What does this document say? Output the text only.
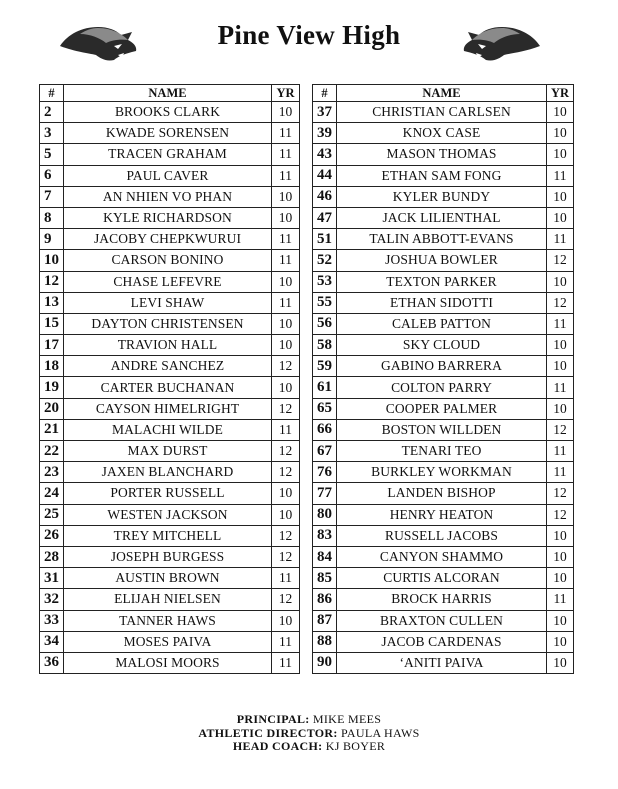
Pine View High
#	NAME	YR
2	BROOKS CLARK	10
3	KWADE SORENSEN	11
5	TRACEN GRAHAM	11
6	PAUL CAVER	11
7	AN NHIEN VO PHAN	10
8	KYLE RICHARDSON	10
9	JACOBY CHEPKWURUI	11
10	CARSON BONINO	11
12	CHASE LEFEVRE	10
13	LEVI SHAW	11
15	DAYTON CHRISTENSEN	10
17	TRAVION HALL	10
18	ANDRE SANCHEZ	12
19	CARTER BUCHANAN	10
20	CAYSON HIMELRIGHT	12
21	MALACHI WILDE	11
22	MAX DURST	12
23	JAXEN BLANCHARD	12
24	PORTER RUSSELL	10
25	WESTEN JACKSON	10
26	TREY MITCHELL	12
28	JOSEPH BURGESS	12
31	AUSTIN BROWN	11
32	ELIJAH NIELSEN	12
33	TANNER HAWS	10
34	MOSES PAIVA	11
36	MALOSI MOORS	11
#	NAME	YR
37	CHRISTIAN CARLSEN	10
39	KNOX CASE	10
43	MASON THOMAS	10
44	ETHAN SAM FONG	11
46	KYLER BUNDY	10
47	JACK LILIENTHAL	10
51	TALIN ABBOTT-EVANS	11
52	JOSHUA BOWLER	12
53	TEXTON PARKER	10
55	ETHAN SIDOTTI	12
56	CALEB PATTON	11
58	SKY CLOUD	10
59	GABINO BARRERA	10
61	COLTON PARRY	11
65	COOPER PALMER	10
66	BOSTON WILLDEN	12
67	TENARI TEO	11
76	BURKLEY WORKMAN	11
77	LANDEN BISHOP	12
80	HENRY HEATON	12
83	RUSSELL JACOBS	10
84	CANYON SHAMMO	10
85	CURTIS ALCORAN	10
86	BROCK HARRIS	11
87	BRAXTON CULLEN	10
88	JACOB CARDENAS	10
90	‘ANITI PAIVA	10
PRINCIPAL: MIKE MEES
ATHLETIC DIRECTOR: PAULA HAWS
HEAD COACH: KJ BOYER
